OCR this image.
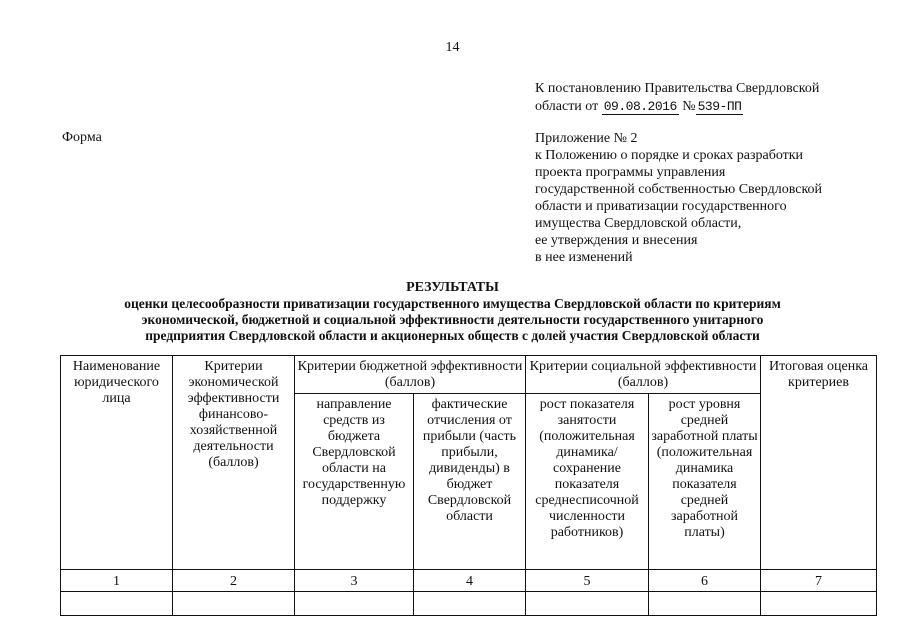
14
К постановлению Правительства Свердловской
области от 09.08.2016 № 539-ПП
Форма	Приложение № 2
к Положению о порядке и сроках разработки
проекта программы управления
государственной собственностью Свердловской
области и приватизации государственного
имущества Свердловской области,
ее утверждения и внесения
в нее изменений
РЕЗУЛЬТАТЫ
оценки целесообразности приватизации государственного имущества Свердловской области по критериям
экономической, бюджетной и социальной эффективности деятельности государственного унитарного
предприятия Свердловской области и акционерных обществ с долей участия Свердловской области
Наименование юридического лица	Критерии экономической эффективности финансово-хозяйственной деятельности (баллов)	Критерии бюджетной эффективности (баллов)		Критерии социальной эффективности (баллов)		Итоговая оценка критериев
		направление средств из бюджета Свердловской области на государственную поддержку	фактические отчисления от прибыли (часть прибыли, дивиденды) в бюджет Свердловской области	рост показателя занятости (положительная динамика/ сохранение показателя среднесписочной численности работников)	рост уровня средней заработной платы (положительная динамика показателя средней заработной платы)	
1	2	3	4	5	6	7
